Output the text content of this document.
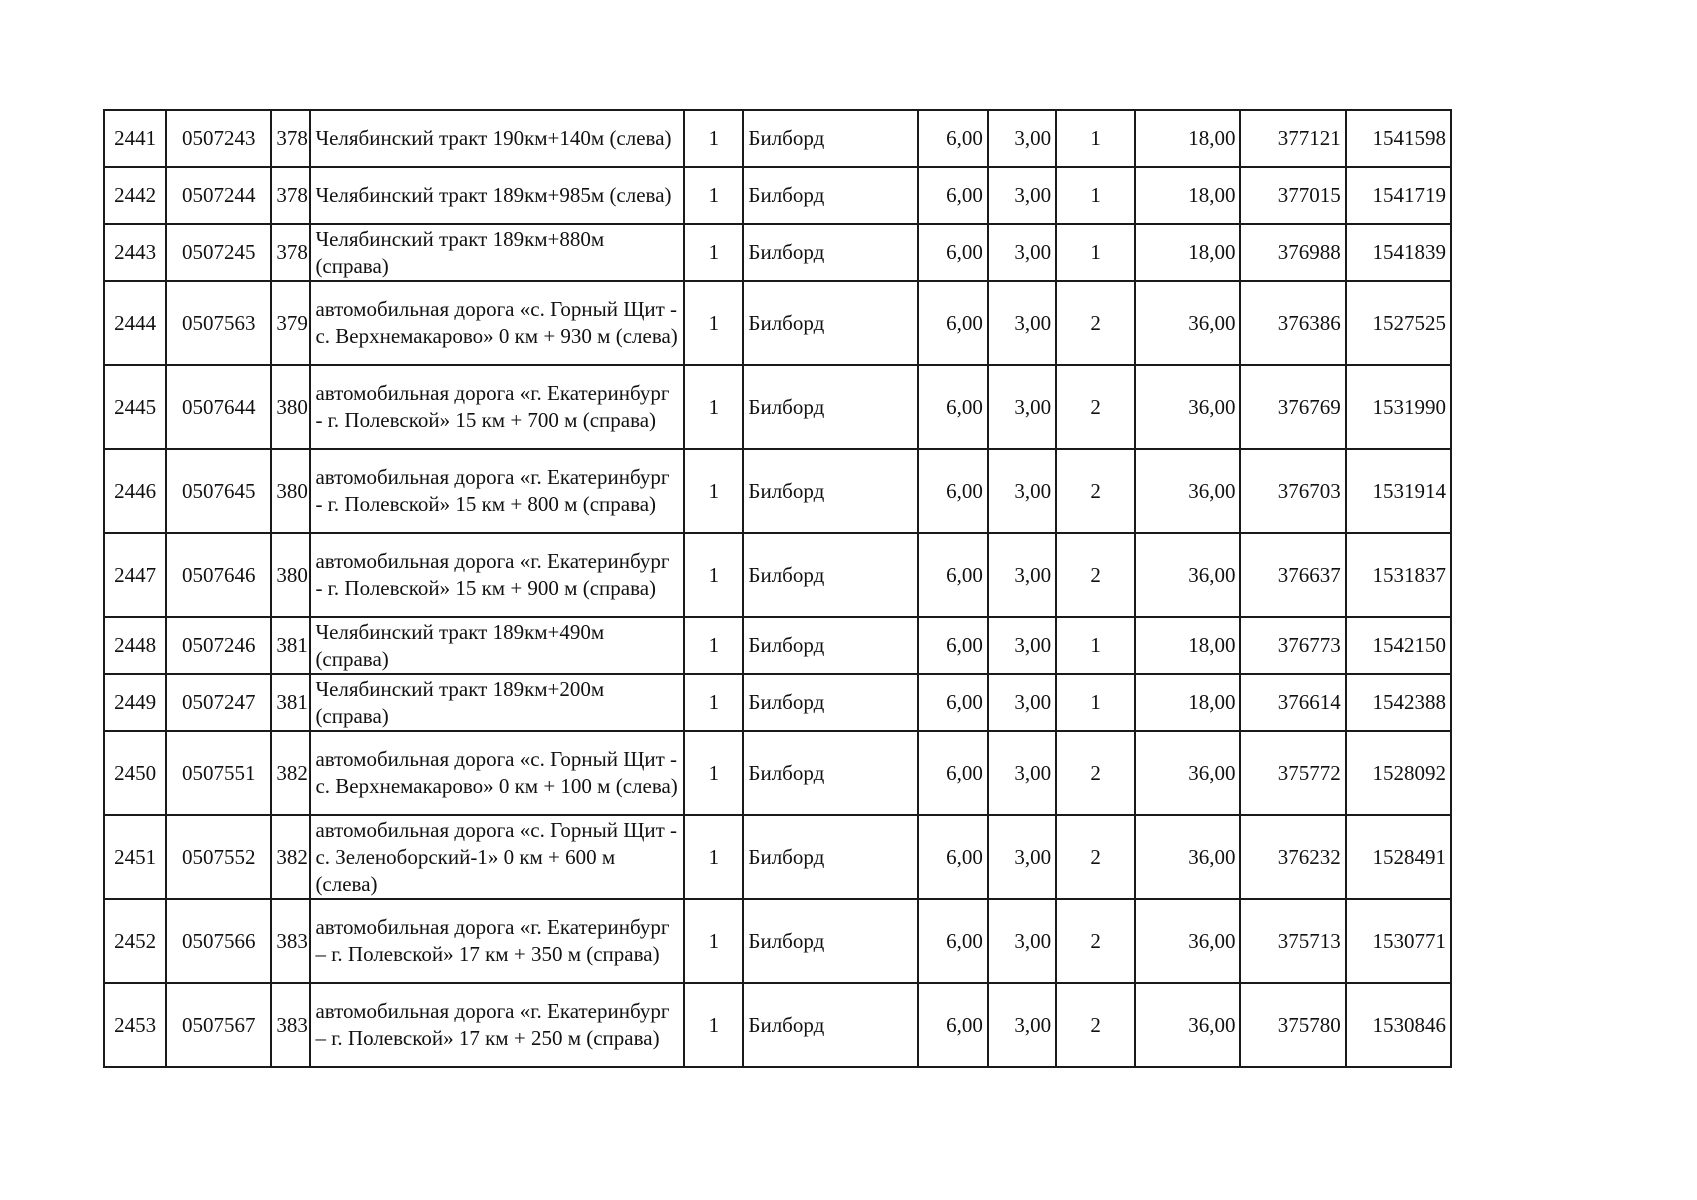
2441	0507243	378	Челябинский тракт 190км+140м (слева)	1	Билборд	6,00	3,00	1	18,00	377121	1541598
2442	0507244	378	Челябинский тракт 189км+985м (слева)	1	Билборд	6,00	3,00	1	18,00	377015	1541719
2443	0507245	378	Челябинский тракт 189км+880м (справа)	1	Билборд	6,00	3,00	1	18,00	376988	1541839
2444	0507563	379	автомобильная дорога «с. Горный Щит - с. Верхнемакарово» 0 км + 930 м (слева)	1	Билборд	6,00	3,00	2	36,00	376386	1527525
2445	0507644	380	автомобильная дорога «г. Екатеринбург - г. Полевской» 15 км + 700 м (справа)	1	Билборд	6,00	3,00	2	36,00	376769	1531990
2446	0507645	380	автомобильная дорога «г. Екатеринбург - г. Полевской» 15 км + 800 м (справа)	1	Билборд	6,00	3,00	2	36,00	376703	1531914
2447	0507646	380	автомобильная дорога «г. Екатеринбург - г. Полевской» 15 км + 900 м (справа)	1	Билборд	6,00	3,00	2	36,00	376637	1531837
2448	0507246	381	Челябинский тракт 189км+490м (справа)	1	Билборд	6,00	3,00	1	18,00	376773	1542150
2449	0507247	381	Челябинский тракт 189км+200м (справа)	1	Билборд	6,00	3,00	1	18,00	376614	1542388
2450	0507551	382	автомобильная дорога «с. Горный Щит - с. Верхнемакарово» 0 км + 100 м (слева)	1	Билборд	6,00	3,00	2	36,00	375772	1528092
2451	0507552	382	автомобильная дорога «с. Горный Щит - с. Зеленоборский-1» 0 км + 600 м (слева)	1	Билборд	6,00	3,00	2	36,00	376232	1528491
2452	0507566	383	автомобильная дорога «г. Екатеринбург – г. Полевской» 17 км + 350 м (справа)	1	Билборд	6,00	3,00	2	36,00	375713	1530771
2453	0507567	383	автомобильная дорога «г. Екатеринбург – г. Полевской» 17 км + 250 м (справа)	1	Билборд	6,00	3,00	2	36,00	375780	1530846
